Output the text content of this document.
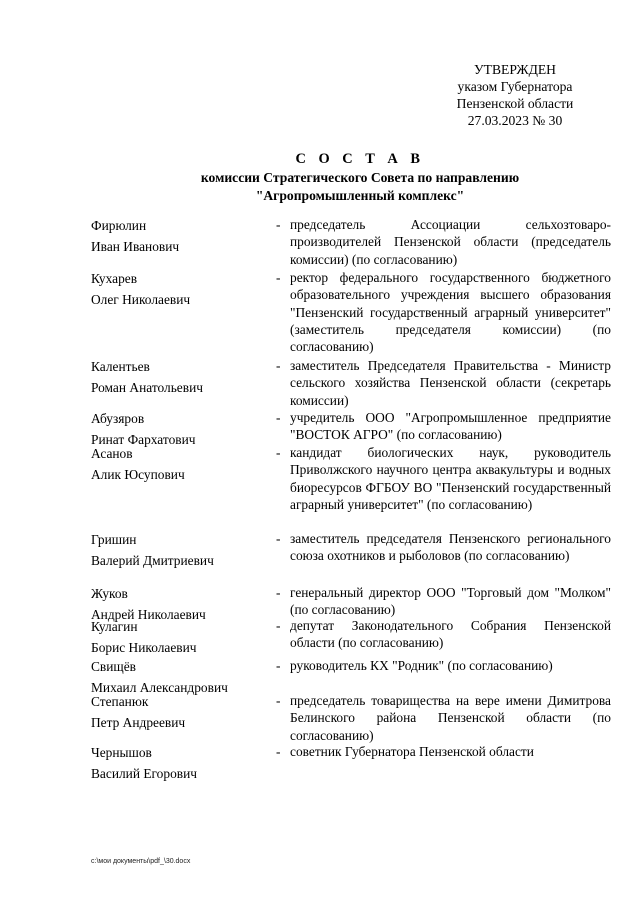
УТВЕРЖДЕН
указом Губернатора
Пензенской области
27.03.2023 № 30
С О С Т А В
комиссии Стратегического Совета по направлению
"Агропромышленный комплекс"
Фирюлин
Иван Иванович
- председатель Ассоциации сельхозтоваропроизводителей Пензенской области (председатель комиссии) (по согласованию)
Кухарев
Олег Николаевич
- ректор федерального государственного бюджетного образовательного учреждения высшего образования "Пензенский государственный аграрный университет" (заместитель председателя комиссии) (по согласованию)
Калентьев
Роман Анатольевич
- заместитель Председателя Правительства - Министр сельского хозяйства Пензенской области (секретарь комиссии)
Абузяров
Ринат Фархатович
- учредитель ООО "Агропромышленное предприятие "ВОСТОК АГРО" (по согласованию)
Асанов
Алик Юсупович
- кандидат биологических наук, руководитель Приволжского научного центра аквакультуры и водных биоресурсов ФГБОУ ВО "Пензенский государственный аграрный университет" (по согласованию)
Гришин
Валерий Дмитриевич
- заместитель председателя Пензенского регионального союза охотников и рыболовов (по согласованию)
Жуков
Андрей Николаевич
- генеральный директор ООО "Торговый дом "Молком" (по согласованию)
Кулагин
Борис Николаевич
- депутат Законодательного Собрания Пензенской области (по согласованию)
Свищёв
Михаил Александрович
- руководитель КХ "Родник" (по согласованию)
Степанюк
Петр Андреевич
- председатель товарищества на вере имени Димитрова Белинского района Пензенской области (по согласованию)
Чернышов
Василий Егорович
- советник Губернатора Пензенской области
c:\мои документы\pdf_\30.docx
